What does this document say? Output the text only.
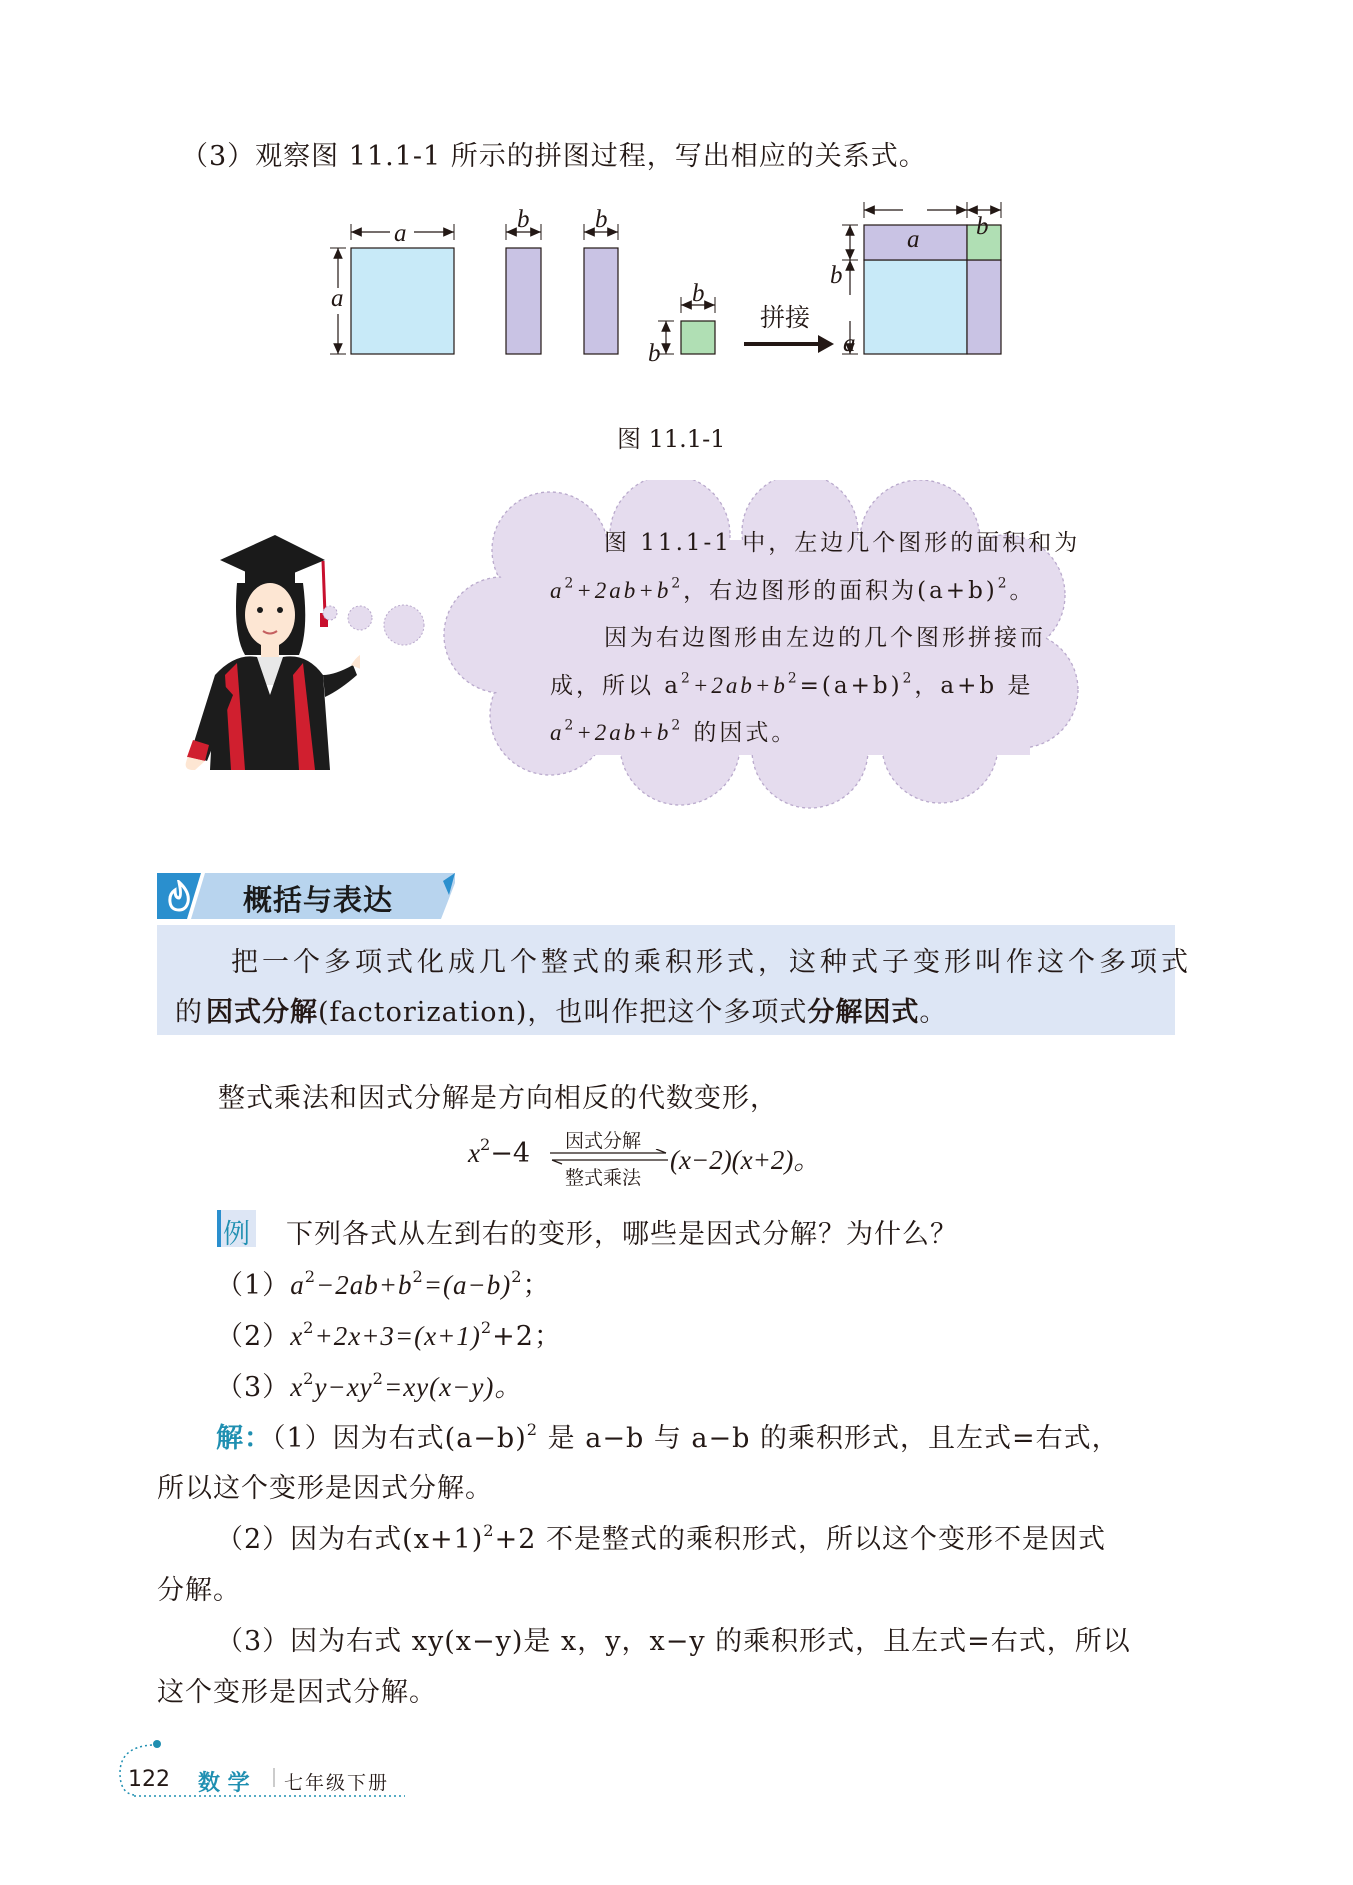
（3）观察图 11.1-1 所示的拼图过程，写出相应的关系式。
a
a
b	b
b
b
拼接
a b
b
a
图 11.1-1
图 11.1-1 中，左边几个图形的面积和为
$a^2+2ab+b^2$，右边图形的面积为$(a+b)^2$。
因为右边图形由左边的几个图形拼接而
成，所以 $a^2+2ab+b^2=(a+b)^2$，a+b 是
$a^2+2ab+b^2$ 的因式。
概括与表达
把一个多项式化成几个整式的乘积形式，这种式子变形叫作这个多项式
的因式分解(factorization)，也叫作把这个多项式分解因式。
整式乘法和因式分解是方向相反的代数变形，
$x^2-4$ 因式分解
整式乘法
(x−2)(x+2)。
例 下列各式从左到右的变形，哪些是因式分解？为什么？
$(1)a^2-2ab+b^2=(a-b)^2$；
$(2)x^2+2x+3=(x+1)^2+2$；
$(3)x^2y-xy^2=xy(x-y)$。
解：（1）因为右式$(a-b)^2$ 是 a−b 与 a−b 的乘积形式，且左式=右式，
所以这个变形是因式分解。
（2）因为右式$(x+1)^2+2$ 不是整式的乘积形式，所以这个变形不是因式
分解。
（3）因为右式 xy(x−y)是 x，y，x−y 的乘积形式，且左式=右式，所以
这个变形是因式分解。
122 数 学 七年级下册
